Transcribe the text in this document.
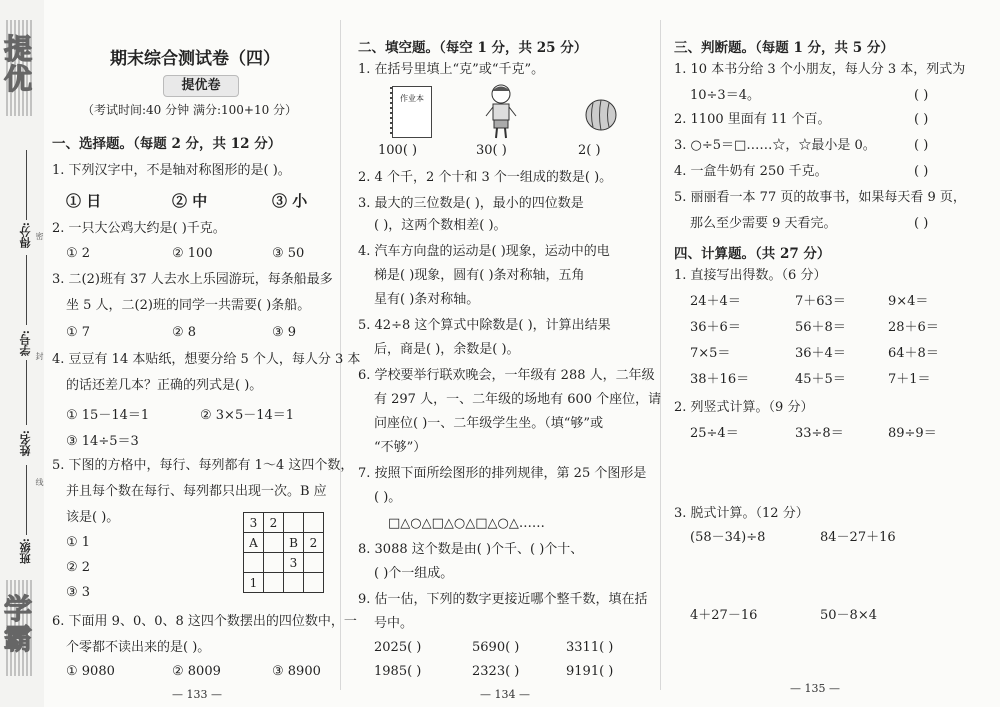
提优
得分:
学号:
姓名:
班级:
密
封
线
学霸
期末综合测试卷（四）
提优卷
（考试时间:40 分钟 满分:100+10 分）
一、选择题。（每题 2 分，共 12 分）
1. 下列汉字中，不是轴对称图形的是( )。
① 日	② 中	③ 小
2. 一只大公鸡大约是( )千克。
① 2	② 100	③ 50
3. 二(2)班有 37 人去水上乐园游玩，每条船最多
坐 5 人，二(2)班的同学一共需要( )条船。
① 7	② 8	③ 9
4. 豆豆有 14 本贴纸，想要分给 5 个人，每人分 3 本
的话还差几本？正确的列式是( )。
① 15－14＝1	② 3×5－14＝1
③ 14÷5＝3
5. 下图的方格中，每行、每列都有 1～4 这四个数，
并且每个数在每行、每列都只出现一次。B 应
该是( )。
① 1
② 2
③ 3
3	2		
A		B	2
		3	
1			
6. 下面用 9、0、0、8 这四个数摆出的四位数中，一
个零都不读出来的是( )。
① 9080	② 8009	③ 8900
— 133 —
二、填空题。（每空 1 分，共 25 分）
1. 在括号里填上“克”或“千克”。
作业本
100( )	30( )	2( )
2. 4 个千，2 个十和 3 个一组成的数是( )。
3. 最大的三位数是( )，最小的四位数是
( )，这两个数相差( )。
4. 汽车方向盘的运动是( )现象，运动中的电
梯是( )现象，圆有( )条对称轴，五角
星有( )条对称轴。
5. 42÷8 这个算式中除数是( )，计算出结果
后，商是( )，余数是( )。
6. 学校要举行联欢晚会，一年级有 288 人，二年级
有 297 人，一、二年级的场地有 600 个座位，请
问座位( )一、二年级学生坐。（填“够”或
“不够”）
7. 按照下面所绘图形的排列规律，第 25 个图形是
( )。
□△○△□△○△□△○△……
8. 3088 这个数是由( )个千、( )个十、
( )个一组成。
9. 估一估，下列的数字更接近哪个整千数，填在括
号中。
2025( )	5690( )	3311( )
1985( )	2323( )	9191( )
— 134 —
三、判断题。（每题 1 分，共 5 分）
1. 10 本书分给 3 个小朋友，每人分 3 本，列式为
10÷3＝4。	( )
2. 1100 里面有 11 个百。	( )
3. ○÷5＝□……☆，☆最小是 0。	( )
4. 一盒牛奶有 250 千克。	( )
5. 丽丽看一本 77 页的故事书，如果每天看 9 页，
那么至少需要 9 天看完。	( )
四、计算题。（共 27 分）
1. 直接写出得数。（6 分）
24＋4＝	7＋63＝	9×4＝
36＋6＝	56＋8＝	28＋6＝
7×5＝	36＋4＝	64＋8＝
38＋16＝	45＋5＝	7＋1＝
2. 列竖式计算。（9 分）
25÷4＝	33÷8＝	89÷9＝
3. 脱式计算。（12 分）
(58－34)÷8	84－27＋16
4＋27－16	50－8×4
— 135 —
